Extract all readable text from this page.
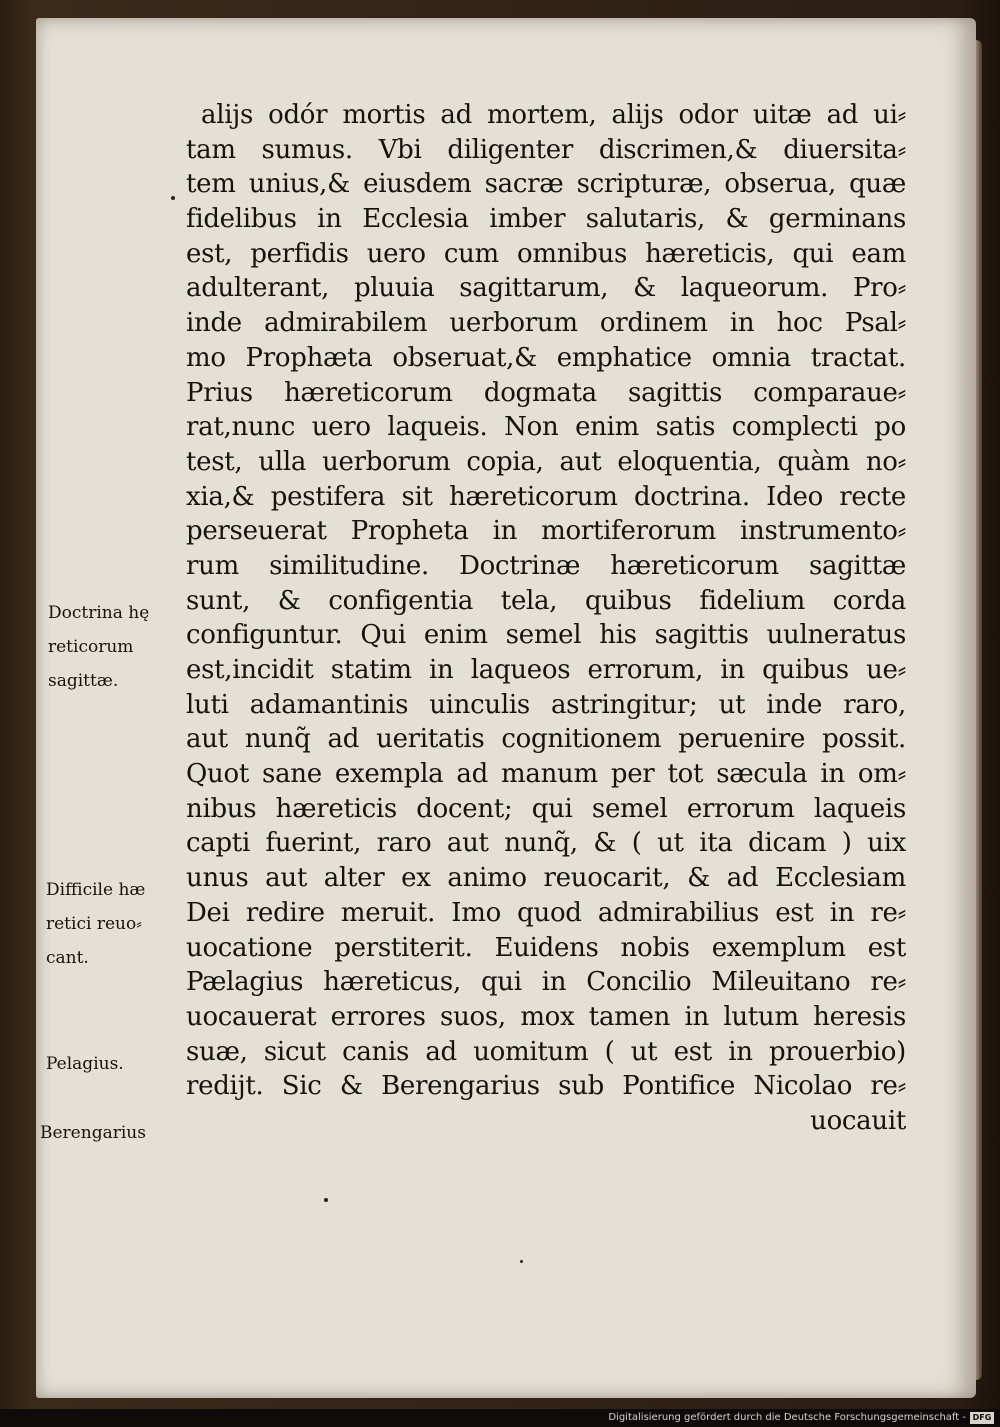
alijs odór mortis ad mortem, alijs odor uitæ ad ui⸗
tam sumus. Vbi diligenter discrimen,& diuersita⸗
tem unius,& eiusdem sacræ scripturæ, obserua, quæ
fidelibus in Ecclesia imber salutaris, & germinans
est, perfidis uero cum omnibus hæreticis, qui eam
adulterant, pluuia sagittarum, & laqueorum. Pro⸗
inde admirabilem uerborum ordinem in hoc Psal⸗
mo Prophæta obseruat,& emphatice omnia tractat.
Prius hæreticorum dogmata sagittis comparaue⸗
rat,nunc uero laqueis. Non enim satis complecti po
test, ulla uerborum copia, aut eloquentia, quàm no⸗
xia,& pestifera sit hæreticorum doctrina. Ideo recte
perseuerat Propheta in mortiferorum instrumento⸗
rum similitudine. Doctrinæ hæreticorum sagittæ
sunt, & configentia tela, quibus fidelium corda
configuntur. Qui enim semel his sagittis uulneratus
est,incidit statim in laqueos errorum, in quibus ue⸗
luti adamantinis uinculis astringitur; ut inde raro,
aut nunq̃ ad ueritatis cognitionem peruenire possit.
Quot sane exempla ad manum per tot sæcula in om⸗
nibus hæreticis docent; qui semel errorum laqueis
capti fuerint, raro aut nunq̃, & ( ut ita dicam ) uix
unus aut alter ex animo reuocarit, & ad Ecclesiam
Dei redire meruit. Imo quod admirabilius est in re⸗
uocatione perstiterit. Euidens nobis exemplum est
Pælagius hæreticus, qui in Concilio Mileuitano re⸗
uocauerat errores suos, mox tamen in lutum heresis
suæ, sicut canis ad uomitum ( ut est in prouerbio)
redijt. Sic & Berengarius sub Pontifice Nicolao re⸗
uocauit
Doctrina hę
reticorum
sagittæ.
Difficile hæ
retici reuo⸗
cant.
Pelagius.
Berengarius
Digitalisierung gefördert durch die Deutsche Forschungsgemeinschaft - DFG
